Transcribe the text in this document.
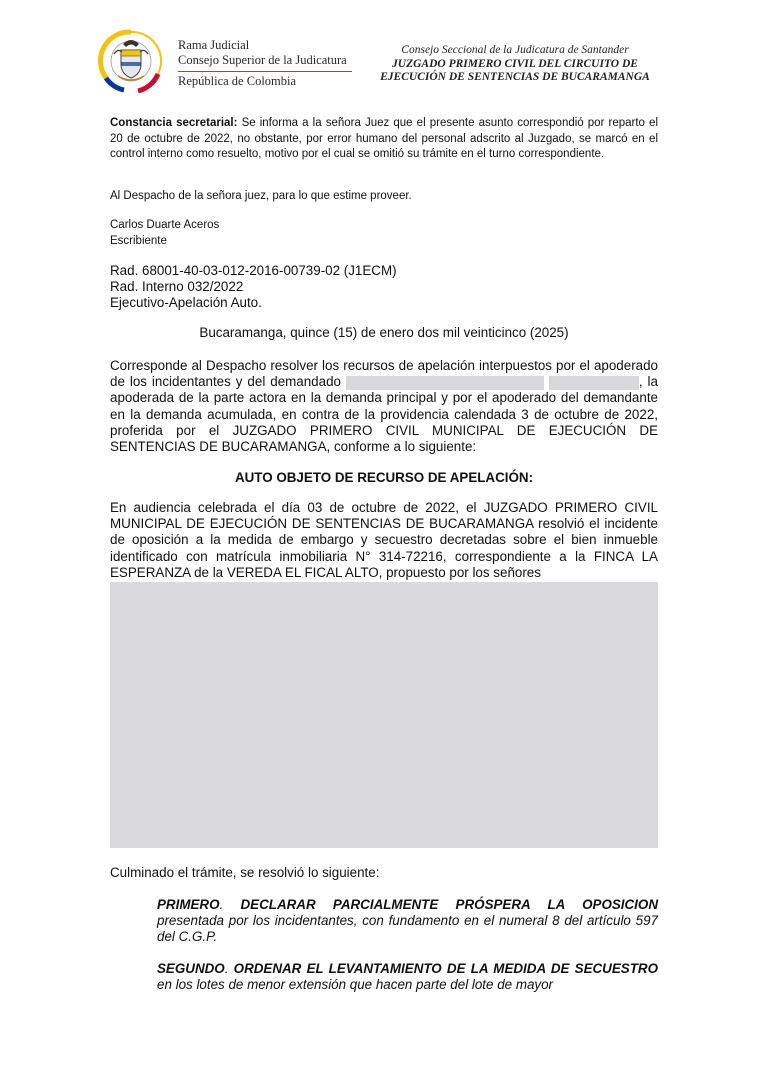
Rama Judicial
Consejo Superior de la Judicatura
República de Colombia
Consejo Seccional de la Judicatura de Santander
JUZGADO PRIMERO CIVIL DEL CIRCUITO DE EJECUCIÓN DE SENTENCIAS DE BUCARAMANGA
Constancia secretarial: Se informa a la señora Juez que el presente asunto correspondió por reparto el 20 de octubre de 2022, no obstante, por error humano del personal adscrito al Juzgado, se marcó en el control interno como resuelto, motivo por el cual se omitió su trámite en el turno correspondiente.
Al Despacho de la señora juez, para lo que estime proveer.
Carlos Duarte Aceros
Escribiente
Rad. 68001-40-03-012-2016-00739-02 (J1ECM)
Rad. Interno 032/2022
Ejecutivo-Apelación Auto.
Bucaramanga, quince (15) de enero dos mil veinticinco (2025)
Corresponde al Despacho resolver los recursos de apelación interpuestos por el apoderado de los incidentantes y del demandado	, la apoderada de la parte actora en la demanda principal y por el apoderado del demandante en la demanda acumulada, en contra de la providencia calendada 3 de octubre de 2022, proferida por el JUZGADO PRIMERO CIVIL MUNICIPAL DE EJECUCIÓN DE SENTENCIAS DE BUCARAMANGA, conforme a lo siguiente:
AUTO OBJETO DE RECURSO DE APELACIÓN:
En audiencia celebrada el día 03 de octubre de 2022, el JUZGADO PRIMERO CIVIL MUNICIPAL DE EJECUCIÓN DE SENTENCIAS DE BUCARAMANGA resolvió el incidente de oposición a la medida de embargo y secuestro decretadas sobre el bien inmueble identificado con matrícula inmobiliaria N° 314-72216, correspondiente a la FINCA LA ESPERANZA de la VEREDA EL FICAL ALTO, propuesto por los señores
Culminado el trámite, se resolvió lo siguiente:
PRIMERO. DECLARAR PARCIALMENTE PRÓSPERA LA OPOSICION presentada por los incidentantes, con fundamento en el numeral 8 del artículo 597 del C.G.P.
SEGUNDO. ORDENAR EL LEVANTAMIENTO DE LA MEDIDA DE SECUESTRO en los lotes de menor extensión que hacen parte del lote de mayor
